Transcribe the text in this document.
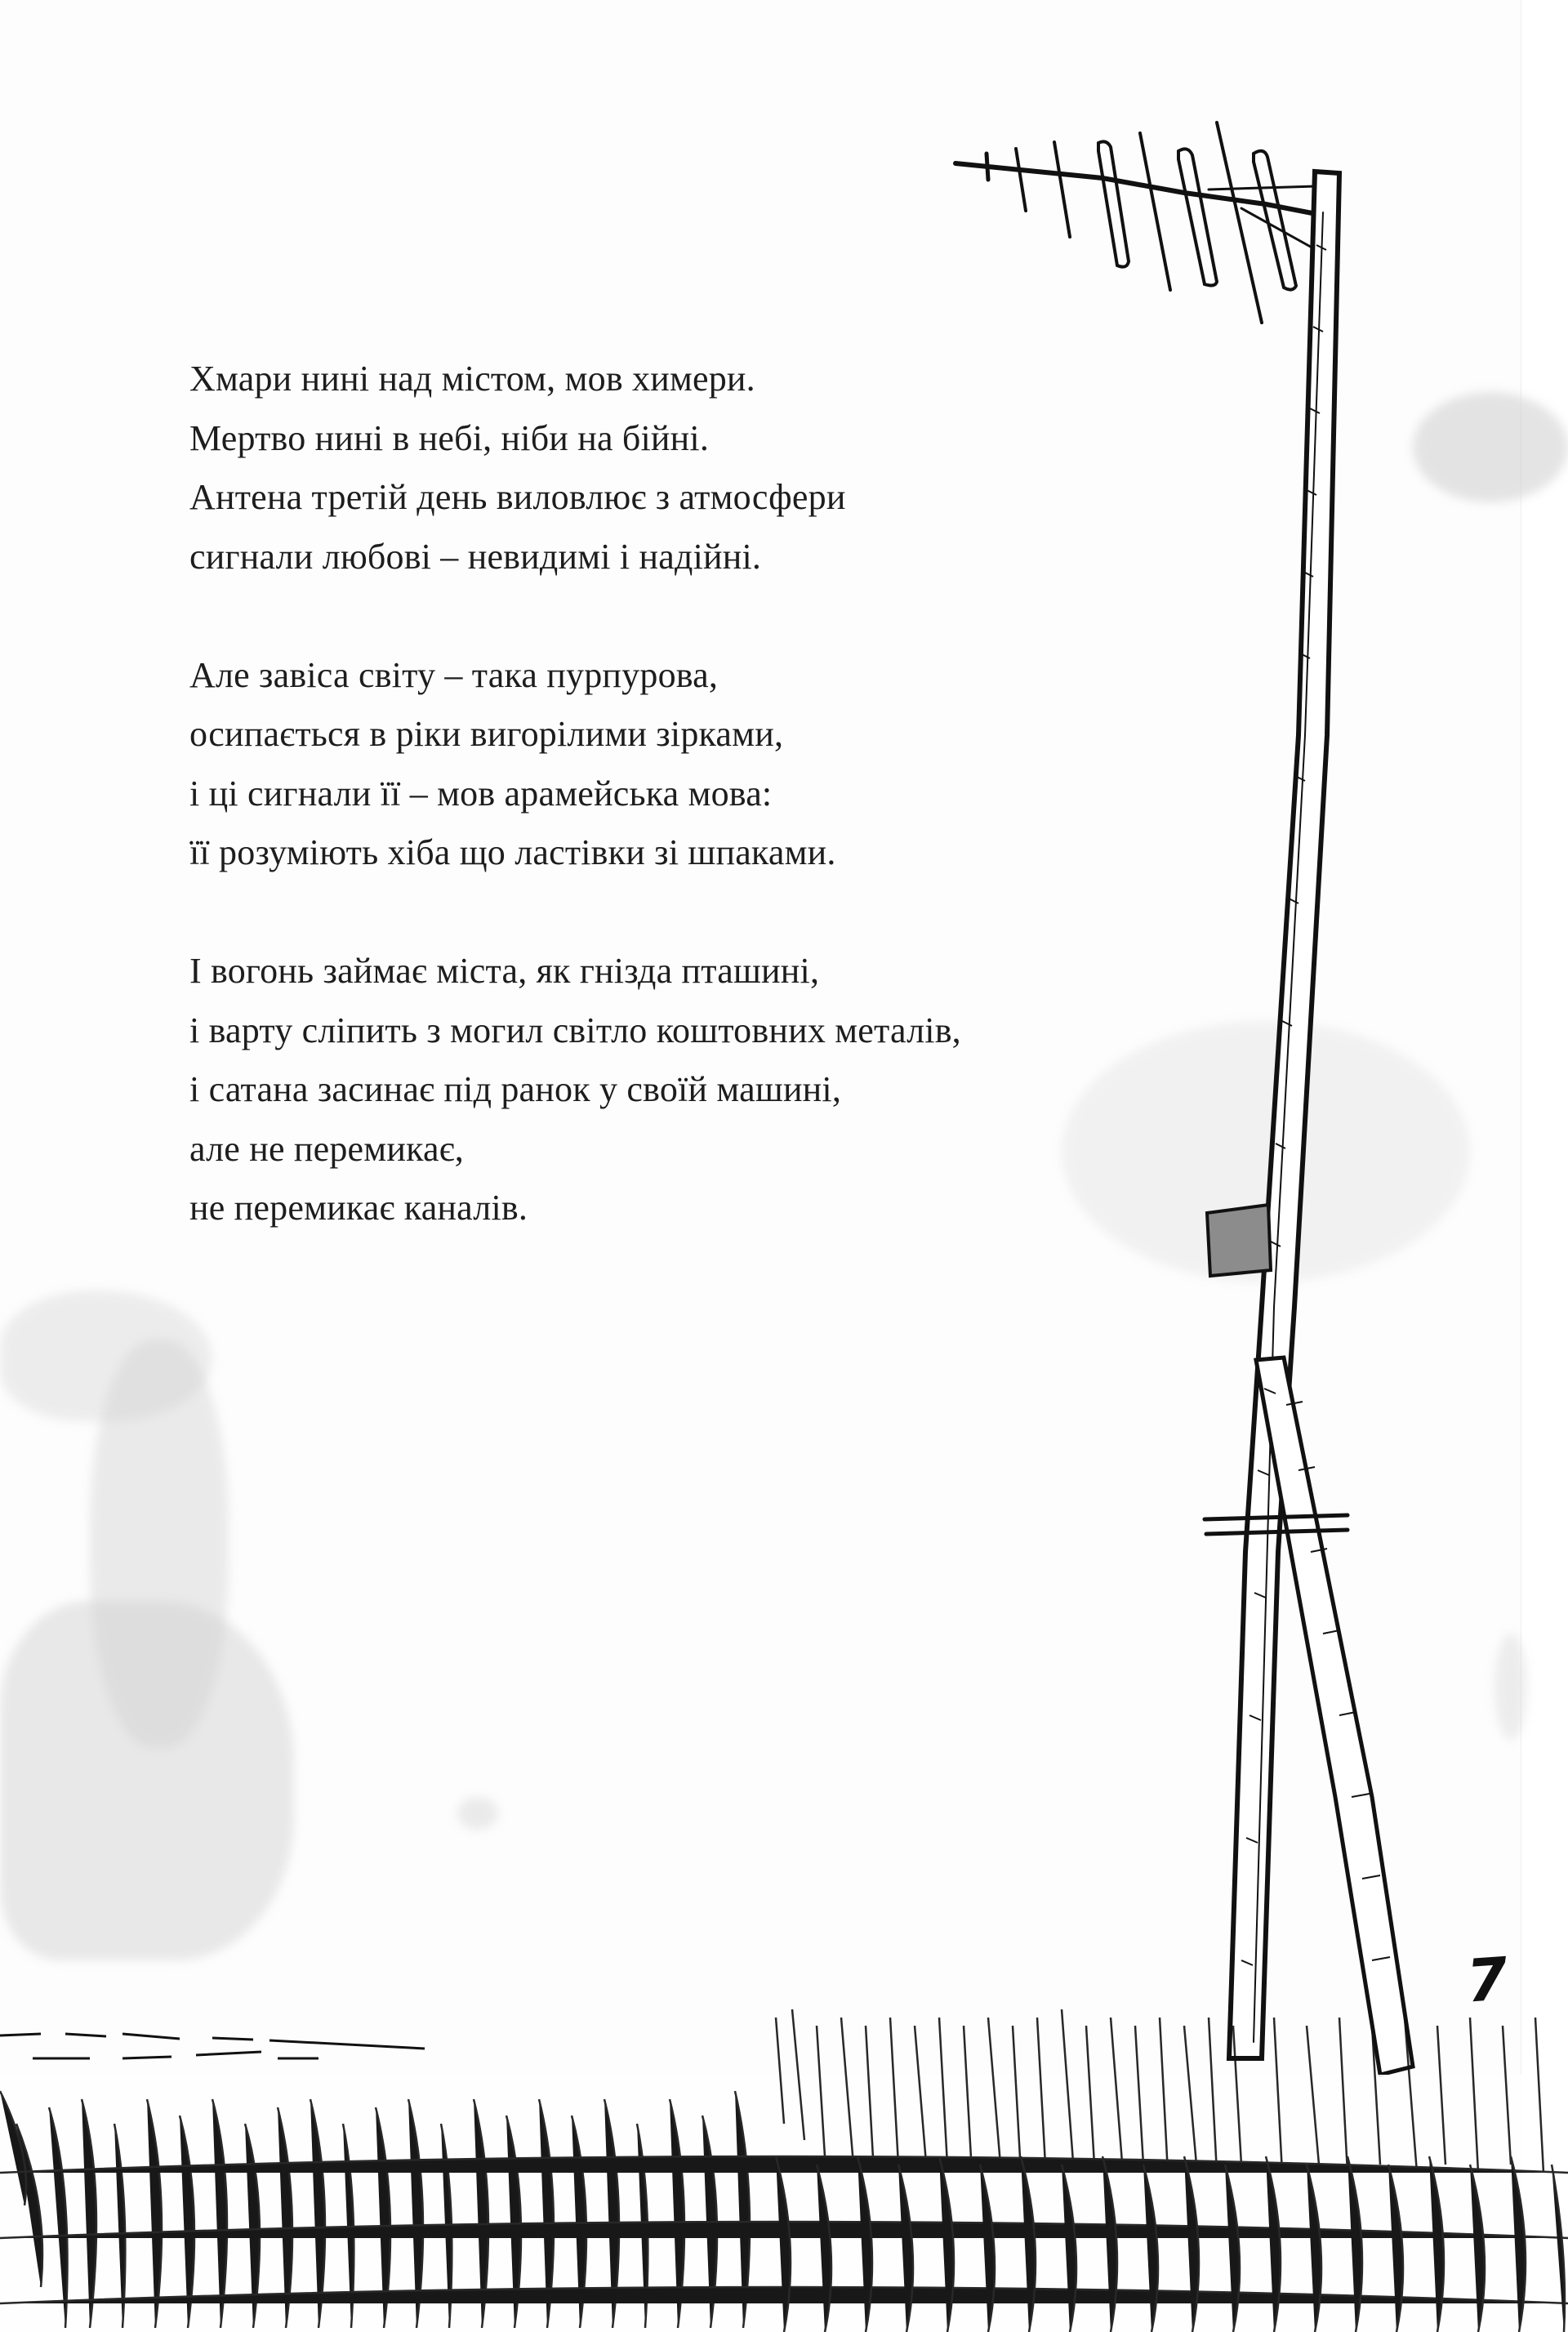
Хмари нині над містом, мов химери.
Мертво нині в небі, ніби на бійні.
Антена третій день виловлює з атмосфери
сигнали любові – невидимі і надійні.
Але завіса світу – така пурпурова,
осипається в ріки вигорілими зірками,
і ці сигнали її – мов арамейська мова:
її розуміють хіба що ластівки зі шпаками.
І вогонь займає міста, як гнізда пташині,
і варту сліпить з могил світло коштовних металів,
і сатана засинає під ранок у своїй машині,
але не перемикає,
не перемикає каналів.
7
